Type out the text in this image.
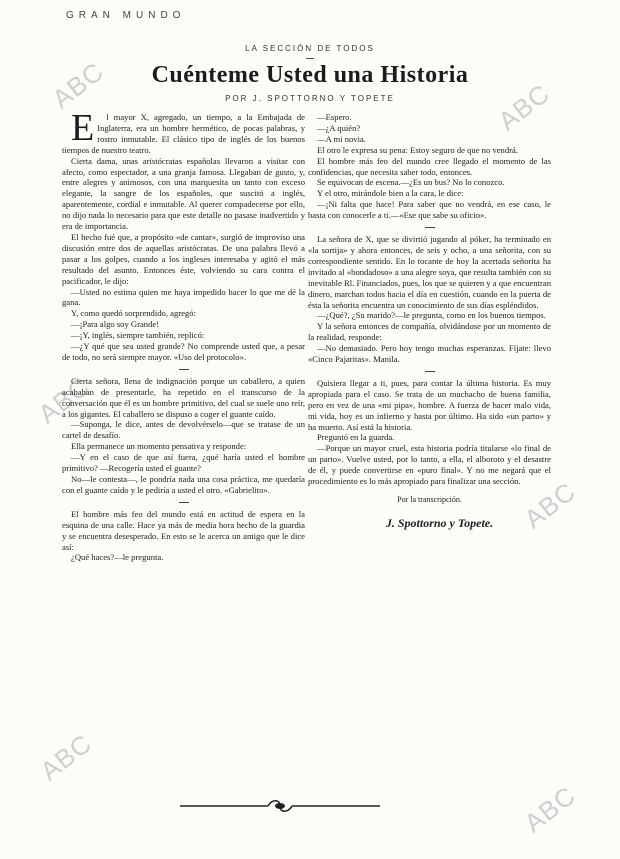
GRAN MUNDO
LA SECCIÓN DE TODOS
Cuénteme Usted una Historia
POR J. SPOTTORNO Y TOPETE
ABC	ABC
ABC
ABC
ABC
ABC

El mayor X, agregado, un tiempo, a la Embajada de Inglaterra, era un hombre hermético, de pocas palabras, y rostro inmutable. El clásico tipo de inglés de los buenos tiempos de nuestro teatro.

Cierta dama, unas aristócratas españolas llevaron a visitar con afecto, como espectador, a una granja famosa. Llegaban de gusto, y, entre alegres y animosos, con una marquesita un tanto con exceso elegante, la sangre de los españoles, que suscitó a inglés, aparentemente, cordial e inmutable. Al querer compadecerse por ello, no dijo nada lo necesario para que este detalle no pasase inadvertido y era de importancia.

El hecho fué que, a propósito «de cantar», surgió de improviso una discusión entre dos de aquellas aristócratas. De una palabra llevó a pasar a los golpes, cuando a los ingleses interesaba y agitó el más resultado del asunto. Entonces éste, volviendo su cara contra el pacificador, le dijo:

—Usted no estima quien me haya impedido hacer lo que me dé la gana.

Y, como quedó sorprendido, agregó:

—¡Para algo soy Grande!

—¡Y, inglés, siempre también, replicó:

—¿Y qué que sea usted grande? No comprende usted que, a pesar de todo, no será siempre mayor. «Uso del protocolo».

Cierta señora, llena de indignación porque un caballero, a quien acababan de presentarle, ha repetido en el transcurso de la conversación que él es un hombre primitivo, del cual se suele uno reír, a los gigantes. El caballero se dispuso a coger el guante caído.

—Suponga, le dice, antes de devolvérselo—que se tratase de un cartel de desafío.

Ella permanece un momento pensativa y responde:

—Y en el caso de que así fuera, ¿qué haría usted el hombre primitivo? —Recogería usted el guante?

No—le contesta—, le pondría nada una cosa práctica, me quedaría con el guante caído y le pediría a usted el otro. «Gabrielito».

El hombre más feo del mundo está en actitud de espera en la esquina de una calle. Hace ya más de media hora hecho de la guardia y se encuentra desesperado. En esto se le acerca un amigo que le dice así:

¿Qué haces?—le pregunta.

—Espero.

—¿A quién?

—A mi novia.

El otro le expresa su pena: Estoy seguro de que no vendrá.

El hombre más feo del mundo cree llegado el momento de las confidencias, que necesita saber todo, entonces.

Se equivocan de escena.—¿Es un bus? No lo conozco.

Y el otro, mirándole bien a la cara, le dice:

—¡Ni falta que hace! Para saber que no vendrá, en ese caso, le basta con conocerle a ti.—«Ese que sabe su oficio».

La señora de X, que se divirtió jugando al póker, ha terminado en «la sortija» y ahora entonces, de seis y ocho, a una señorita, con su correspondiente sentido. En lo tocante de hoy la acertada señorita ha invitado al «bondadoso» a una alegre soya, que resulta también con su inevitable Rl. Financiados, pues, los que se quieren y a que encuentran dinero, marchan todos hacia el día en cuestión, cuando en la puerta de ésta la señorita encuentra un conocimiento de sus días espléndidos.

—¿Qué?, ¿Su marido?—le pregunta, como en los buenos tiempos.

Y la señora entonces de compañía, olvidándose por un momento de la realidad, responde:

—No demasiado. Pero hoy tengo muchas esperanzas. Fíjate: llevo «Cinco Pajaritas». Manila.

Quisiera llegar a ti, pues, para contar la última historia. Es muy apropiada para el caso. Se trata de un muchacho de buena familia, pero en vez de una «mi pipa», hombre. A fuerza de hacer malo vida, mi vida, hoy es un infierno y hasta por último. Ha sido «un parto» y ha muerto. Así está la historia.

Preguntó en la guarda.

—Porque un mayor cruel, esta historia podría titularse «lo final de un parto». Vuelve usted, por lo tanto, a ella, el alboroto y el desastre de él, y puede convertirse en «puro final». Y no me negará que el procedimiento es lo más apropiado para finalizar una sección.

Por la transcripción.
J. Spottorno y Topete.
